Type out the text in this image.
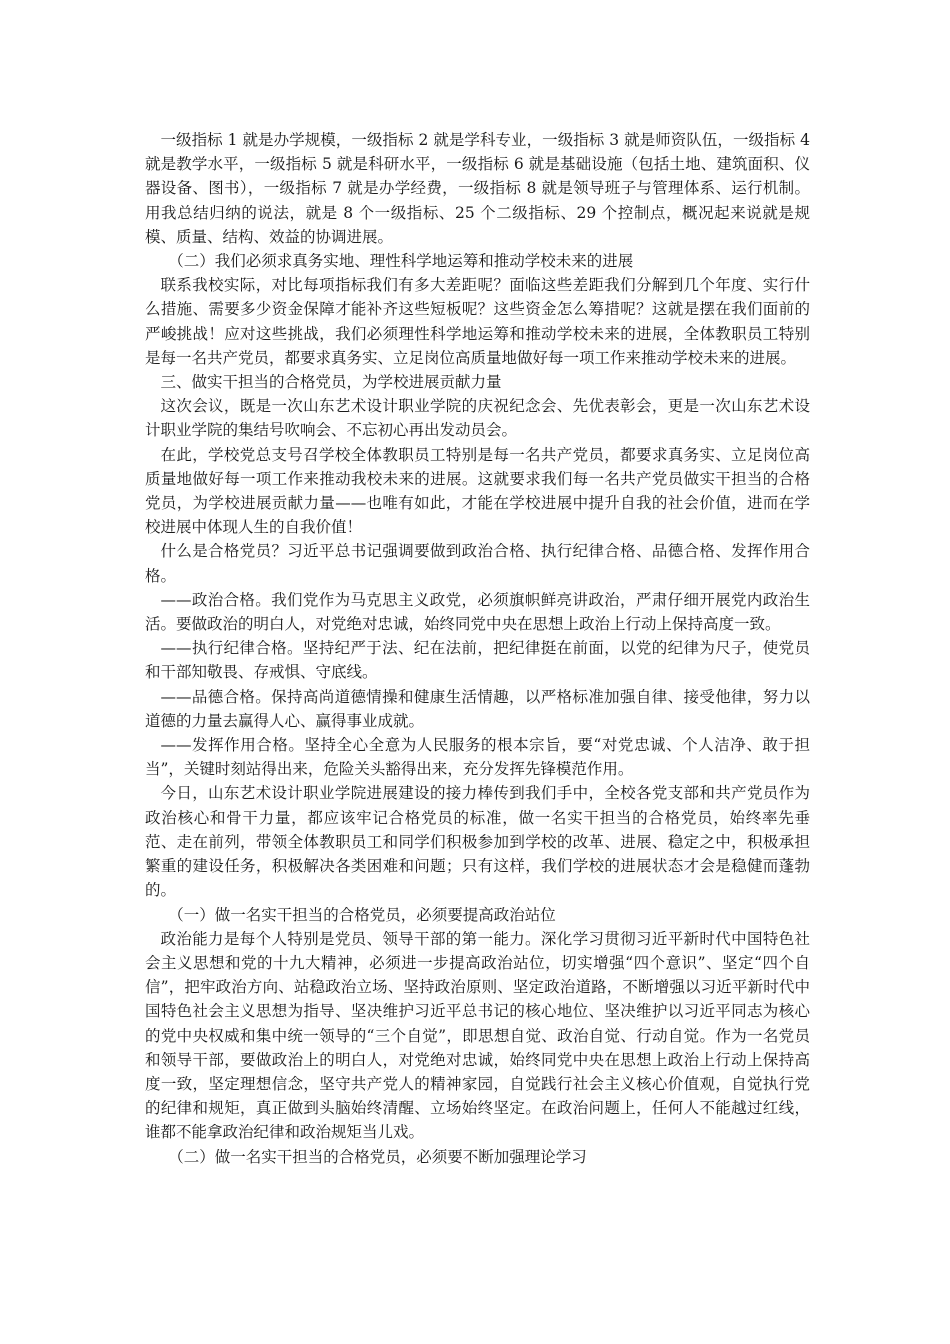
一级指标 1 就是办学规模，一级指标 2 就是学科专业，一级指标 3 就是师资队伍，一级指标 4 就是教学水平，一级指标 5 就是科研水平，一级指标 6 就是基础设施（包括土地、建筑面积、仪器设备、图书），一级指标 7 就是办学经费，一级指标 8 就是领导班子与管理体系、运行机制。用我总结归纳的说法，就是 8 个一级指标、25 个二级指标、29 个控制点，概况起来说就是规模、质量、结构、效益的协调进展。

（二）我们必须求真务实地、理性科学地运筹和推动学校未来的进展

联系我校实际，对比每项指标我们有多大差距呢？面临这些差距我们分解到几个年度、实行什么措施、需要多少资金保障才能补齐这些短板呢？这些资金怎么筹措呢？这就是摆在我们面前的严峻挑战！应对这些挑战，我们必须理性科学地运筹和推动学校未来的进展，全体教职员工特别是每一名共产党员，都要求真务实、立足岗位高质量地做好每一项工作来推动学校未来的进展。

三、做实干担当的合格党员，为学校进展贡献力量

这次会议，既是一次山东艺术设计职业学院的庆祝纪念会、先优表彰会，更是一次山东艺术设计职业学院的集结号吹响会、不忘初心再出发动员会。

在此，学校党总支号召学校全体教职员工特别是每一名共产党员，都要求真务实、立足岗位高质量地做好每一项工作来推动我校未来的进展。这就要求我们每一名共产党员做实干担当的合格党员，为学校进展贡献力量——也唯有如此，才能在学校进展中提升自我的社会价值，进而在学校进展中体现人生的自我价值！

什么是合格党员？习近平总书记强调要做到政治合格、执行纪律合格、品德合格、发挥作用合格。

——政治合格。我们党作为马克思主义政党，必须旗帜鲜亮讲政治，严肃仔细开展党内政治生活。要做政治的明白人，对党绝对忠诚，始终同党中央在思想上政治上行动上保持高度一致。

——执行纪律合格。坚持纪严于法、纪在法前，把纪律挺在前面，以党的纪律为尺子，使党员和干部知敬畏、存戒惧、守底线。

——品德合格。保持高尚道德情操和健康生活情趣，以严格标准加强自律、接受他律，努力以道德的力量去赢得人心、赢得事业成就。

——发挥作用合格。坚持全心全意为人民服务的根本宗旨，要“对党忠诚、个人洁净、敢于担当”，关键时刻站得出来，危险关头豁得出来，充分发挥先锋模范作用。

今日，山东艺术设计职业学院进展建设的接力棒传到我们手中，全校各党支部和共产党员作为政治核心和骨干力量，都应该牢记合格党员的标准，做一名实干担当的合格党员，始终率先垂范、走在前列，带领全体教职员工和同学们积极参加到学校的改革、进展、稳定之中，积极承担繁重的建设任务，积极解决各类困难和问题；只有这样，我们学校的进展状态才会是稳健而蓬勃的。

（一）做一名实干担当的合格党员，必须要提高政治站位

政治能力是每个人特别是党员、领导干部的第一能力。深化学习贯彻习近平新时代中国特色社会主义思想和党的十九大精神，必须进一步提高政治站位，切实增强“四个意识”、坚定“四个自信”，把牢政治方向、站稳政治立场、坚持政治原则、坚定政治道路，不断增强以习近平新时代中国特色社会主义思想为指导、坚决维护习近平总书记的核心地位、坚决维护以习近平同志为核心的党中央权威和集中统一领导的“三个自觉”，即思想自觉、政治自觉、行动自觉。作为一名党员和领导干部，要做政治上的明白人，对党绝对忠诚，始终同党中央在思想上政治上行动上保持高度一致，坚定理想信念，坚守共产党人的精神家园，自觉践行社会主义核心价值观，自觉执行党的纪律和规矩，真正做到头脑始终清醒、立场始终坚定。在政治问题上，任何人不能越过红线，谁都不能拿政治纪律和政治规矩当儿戏。

（二）做一名实干担当的合格党员，必须要不断加强理论学习
